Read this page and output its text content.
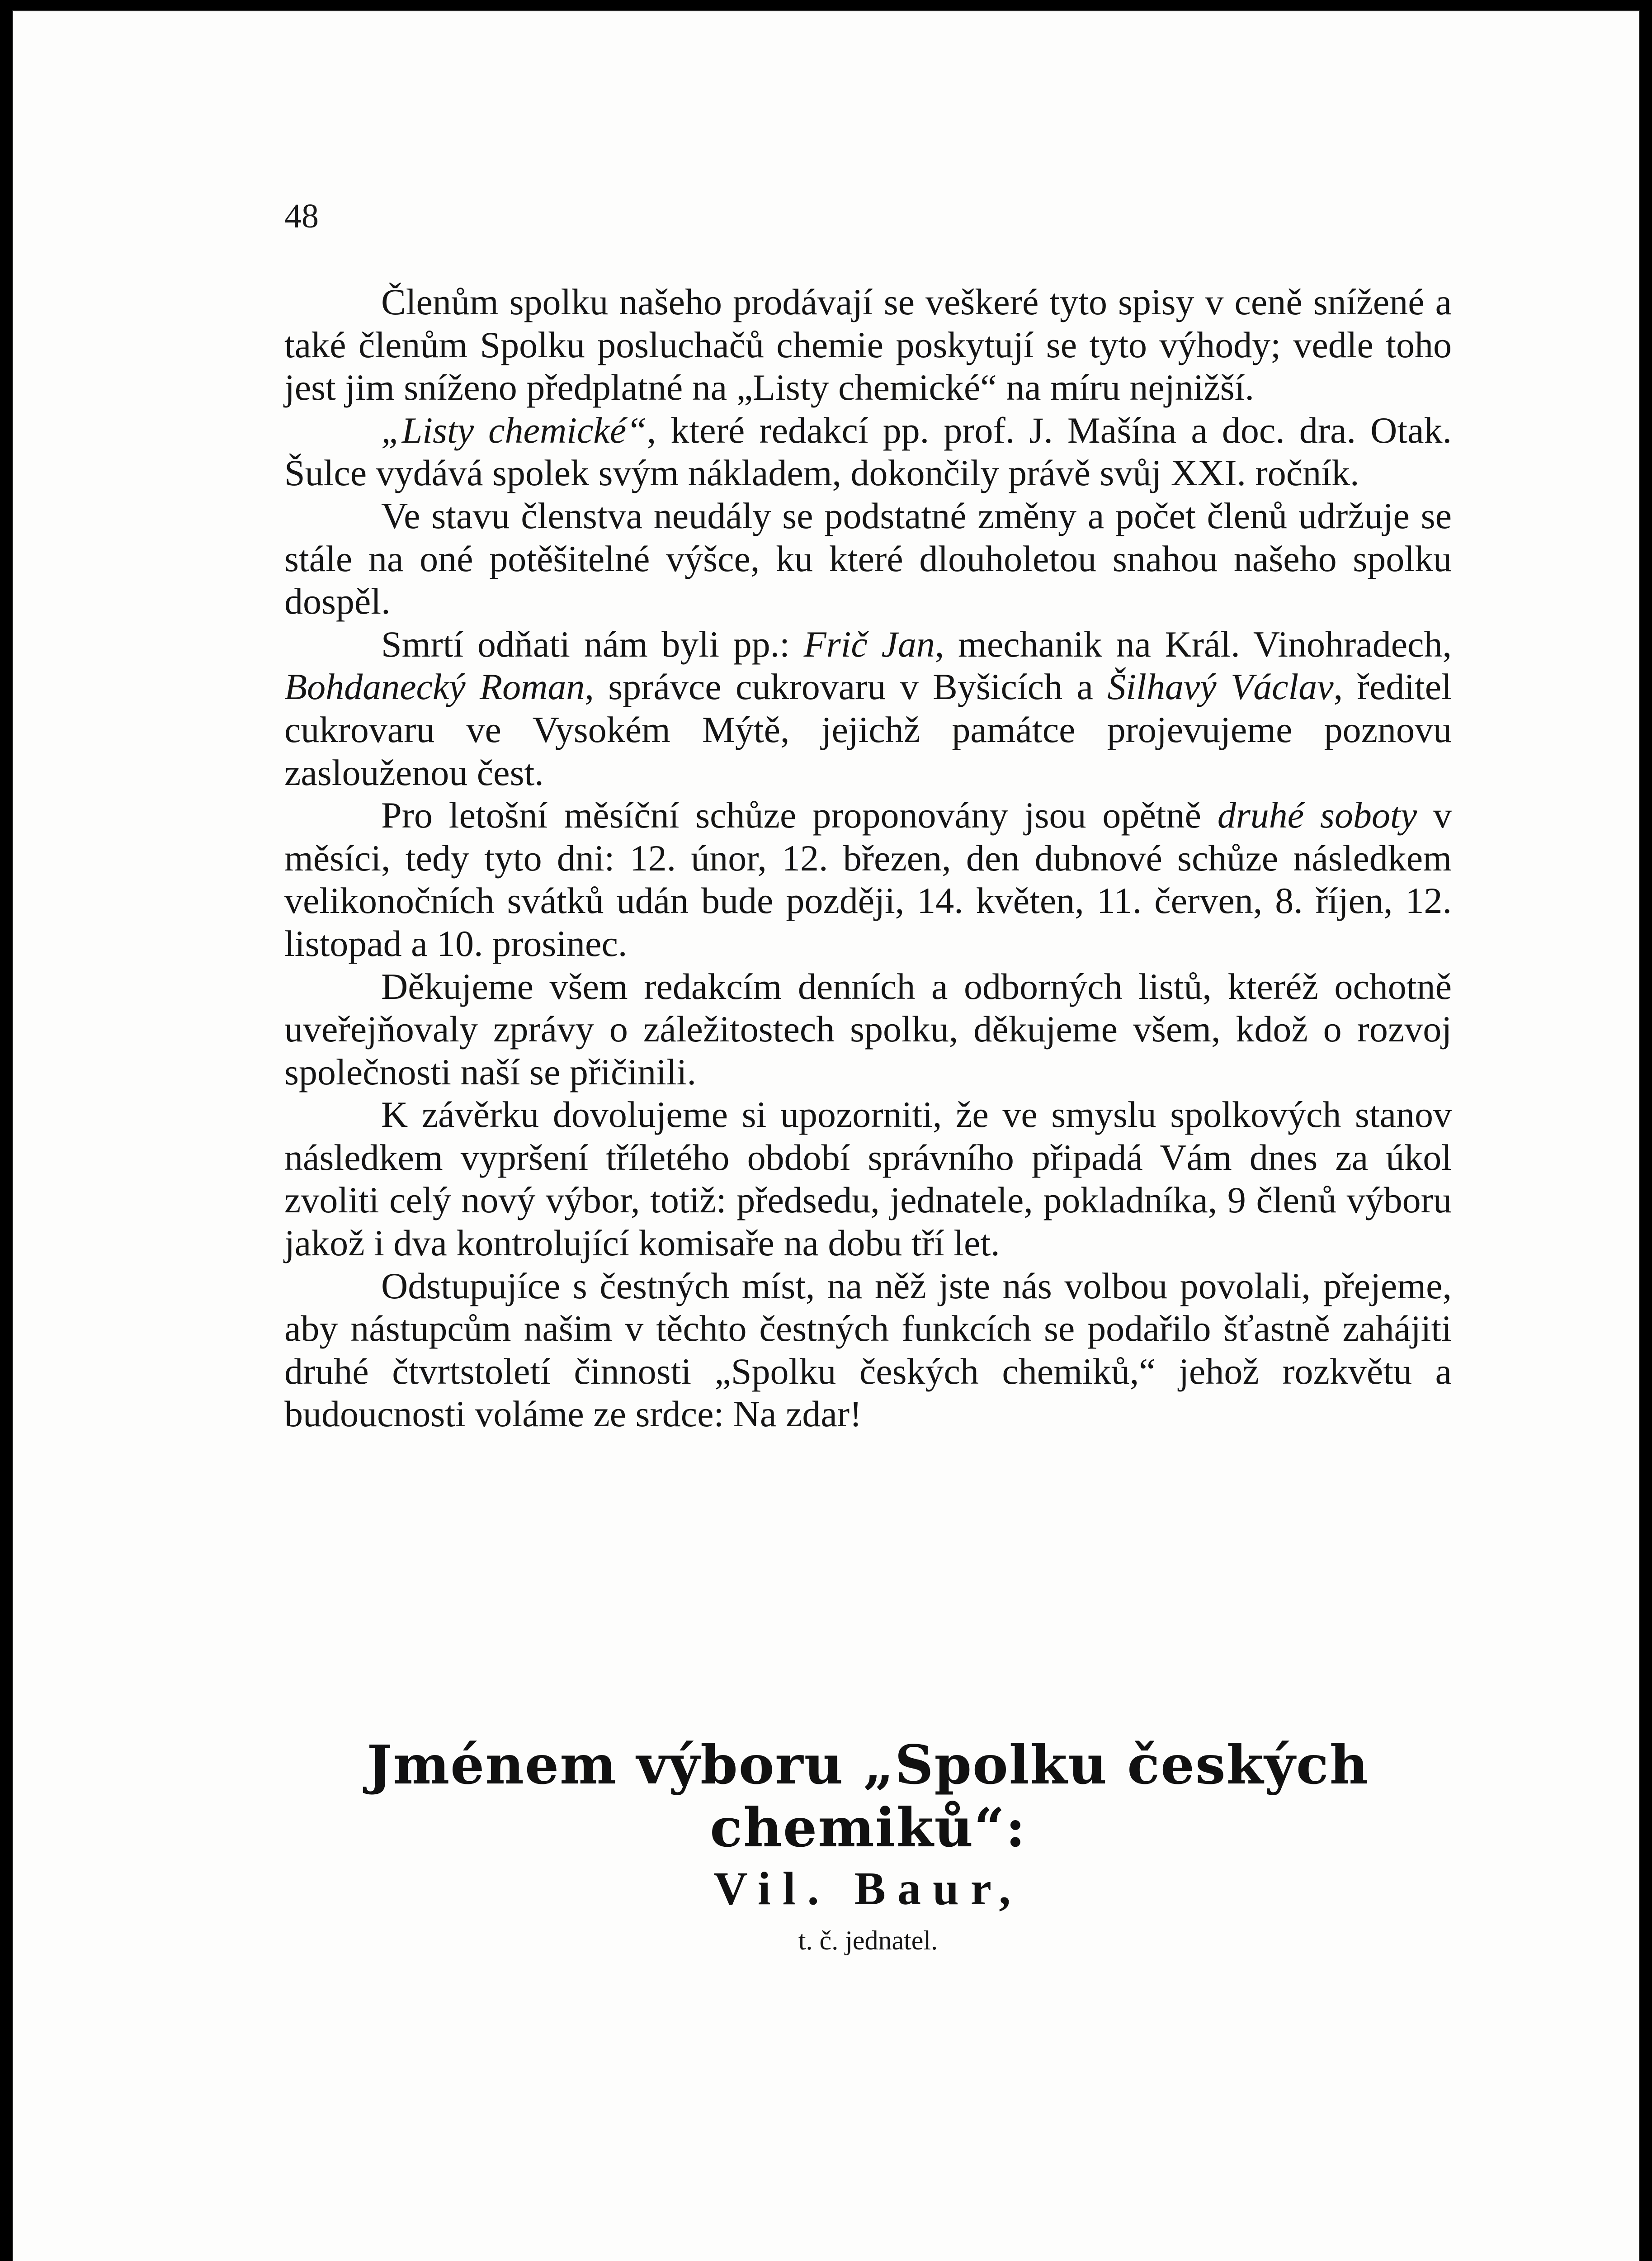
48

Členům spolku našeho prodávají se veškeré tyto spisy v ceně snížené a také členům Spolku posluchačů chemie poskytují se tyto výhody; vedle toho jest jim sníženo předplatné na „Listy chemické“ na míru nejnižší.

„Listy chemické“, které redakcí pp. prof. J. Mašína a doc. dra. Otak. Šulce vydává spolek svým nákladem, dokončily právě svůj XXI. ročník.

Ve stavu členstva neudály se podstatné změny a počet členů udržuje se stále na oné potěšitelné výšce, ku které dlouholetou snahou našeho spolku dospěl.

Smrtí odňati nám byli pp.: Frič Jan, mechanik na Král. Vinohradech, Bohdanecký Roman, správce cukrovaru v Byšicích a Šilhavý Václav, ředitel cukrovaru ve Vysokém Mýtě, jejichž památce projevujeme poznovu zaslouženou čest.

Pro letošní měsíční schůze proponovány jsou opětně druhé soboty v měsíci, tedy tyto dni: 12. únor, 12. březen, den dubnové schůze následkem velikonočních svátků udán bude později, 14. květen, 11. červen, 8. říjen, 12. listopad a 10. prosinec.

Děkujeme všem redakcím denních a odborných listů, kteréž ochotně uveřejňovaly zprávy o záležitostech spolku, děkujeme všem, kdož o rozvoj společnosti naší se přičinili.

K závěrku dovolujeme si upozorniti, že ve smyslu spolkových stanov následkem vypršení tříletého období správního připadá Vám dnes za úkol zvoliti celý nový výbor, totiž: předsedu, jednatele, pokladníka, 9 členů výboru jakož i dva kontrolující komisaře na dobu tří let.

Odstupujíce s čestných míst, na něž jste nás volbou povolali, přejeme, aby nástupcům našim v těchto čestných funkcích se podařilo šťastně zahájiti druhé čtvrtstoletí činnosti „Spolku českých chemiků,“ jehož rozkvětu a budoucnosti voláme ze srdce: Na zdar!

Jménem výboru „Spolku českých chemiků“:
Vil. Baur,
t. č. jednatel.
